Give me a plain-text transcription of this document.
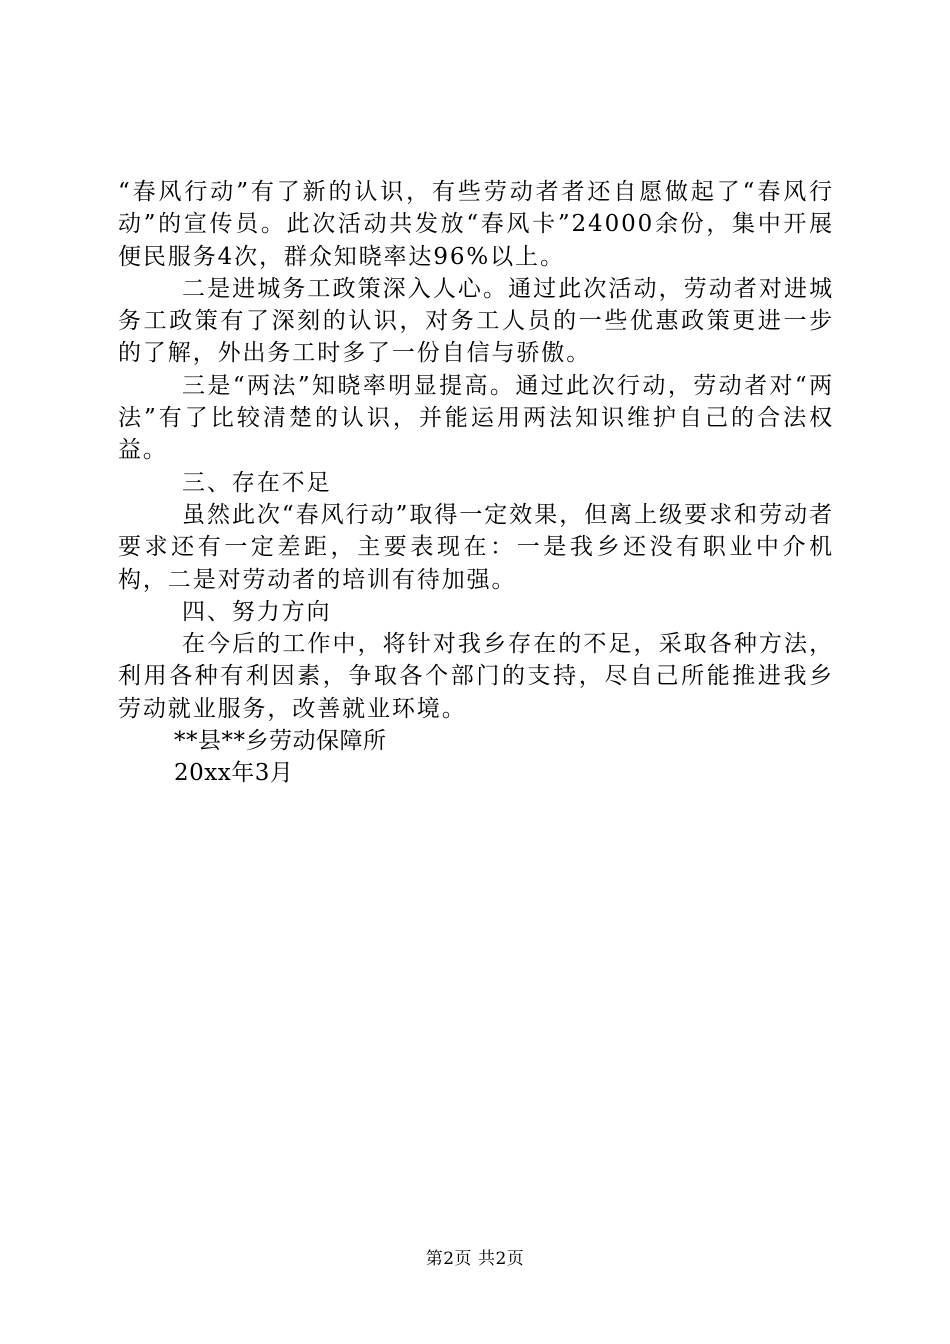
“春风行动”有了新的认识，有些劳动者者还自愿做起了“春风行动”的宣传员。此次活动共发放“春风卡”24000余份，集中开展便民服务4次，群众知晓率达96%以上。

二是进城务工政策深入人心。通过此次活动，劳动者对进城务工政策有了深刻的认识，对务工人员的一些优惠政策更进一步的了解，外出务工时多了一份自信与骄傲。

三是“两法”知晓率明显提高。通过此次行动，劳动者对“两法”有了比较清楚的认识，并能运用两法知识维护自己的合法权益。

三、存在不足

虽然此次“春风行动”取得一定效果，但离上级要求和劳动者要求还有一定差距，主要表现在：一是我乡还没有职业中介机构，二是对劳动者的培训有待加强。

四、努力方向

在今后的工作中，将针对我乡存在的不足，采取各种方法，利用各种有利因素，争取各个部门的支持，尽自己所能推进我乡劳动就业服务，改善就业环境。

**县**乡劳动保障所

20xx年3月

第2页 共2页
